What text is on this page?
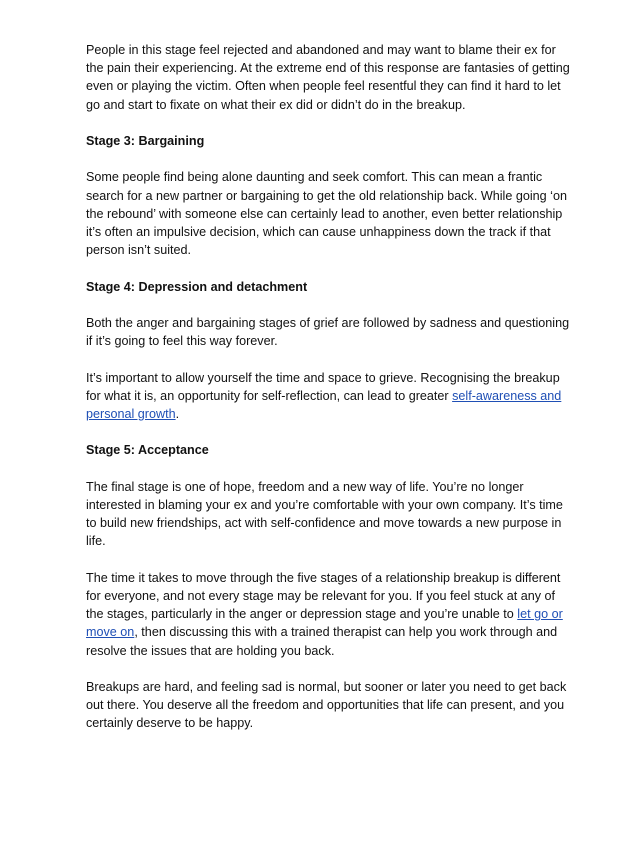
People in this stage feel rejected and abandoned and may want to blame their ex for the pain their experiencing. At the extreme end of this response are fantasies of getting even or playing the victim. Often when people feel resentful they can find it hard to let go and start to fixate on what their ex did or didn’t do in the breakup.

Stage 3: Bargaining

Some people find being alone daunting and seek comfort. This can mean a frantic search for a new partner or bargaining to get the old relationship back. While going ‘on the rebound’ with someone else can certainly lead to another, even better relationship it’s often an impulsive decision, which can cause unhappiness down the track if that person isn’t suited.

Stage 4: Depression and detachment

Both the anger and bargaining stages of grief are followed by sadness and questioning if it’s going to feel this way forever.

It’s important to allow yourself the time and space to grieve. Recognising the breakup for what it is, an opportunity for self-reflection, can lead to greater self-awareness and personal growth.

Stage 5: Acceptance

The final stage is one of hope, freedom and a new way of life. You’re no longer interested in blaming your ex and you’re comfortable with your own company. It’s time to build new friendships, act with self-confidence and move towards a new purpose in life.

The time it takes to move through the five stages of a relationship breakup is different for everyone, and not every stage may be relevant for you. If you feel stuck at any of the stages, particularly in the anger or depression stage and you’re unable to let go or move on, then discussing this with a trained therapist can help you work through and resolve the issues that are holding you back.

Breakups are hard, and feeling sad is normal, but sooner or later you need to get back out there. You deserve all the freedom and opportunities that life can present, and you certainly deserve to be happy.
